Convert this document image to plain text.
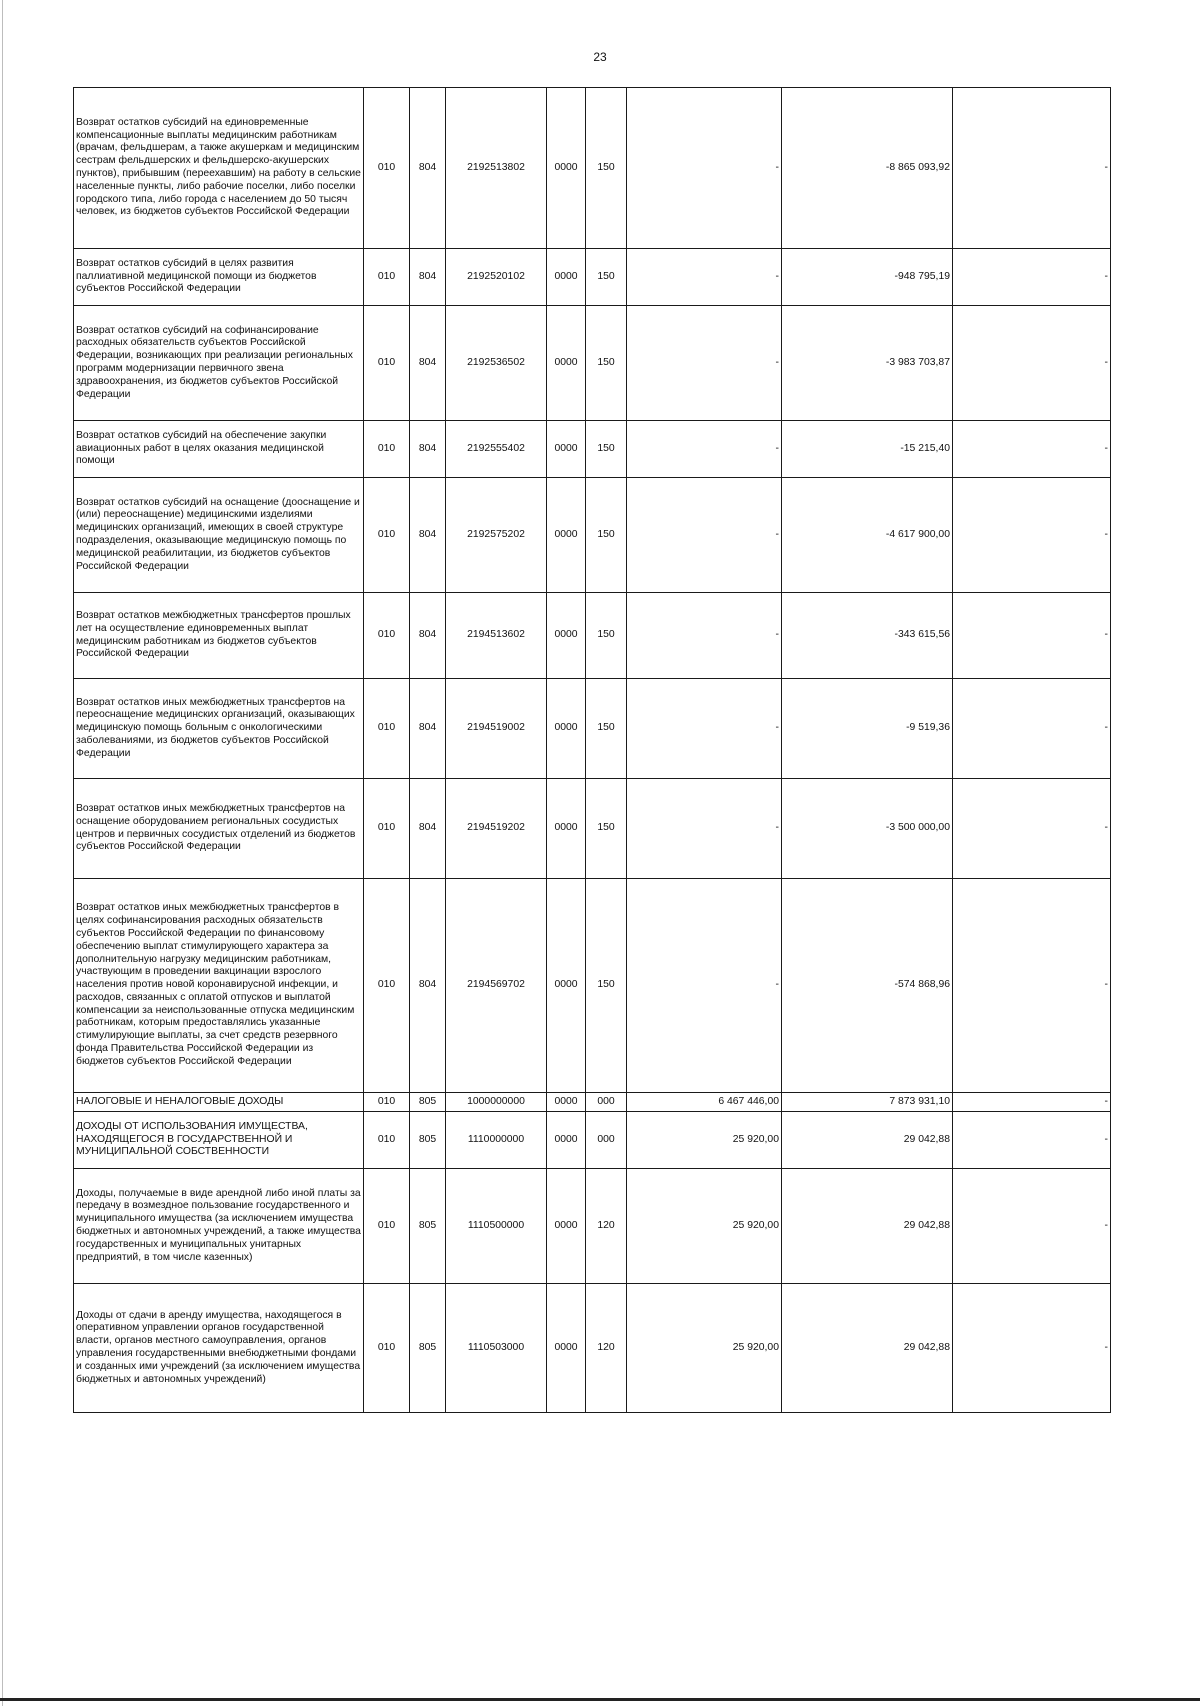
23
Возврат остатков субсидий на единовременные компенсационные выплаты медицинским работникам (врачам, фельдшерам, а также акушеркам и медицинским сестрам фельдшерских и фельдшерско-акушерских пунктов), прибывшим (переехавшим) на работу в сельские населенные пункты, либо рабочие поселки, либо поселки городского типа, либо города с населением до 50 тысяч человек, из бюджетов субъектов Российской Федерации	010	804	2192513802	0000	150	-	-8 865 093,92	-
Возврат остатков субсидий в целях развития паллиативной медицинской помощи из бюджетов субъектов Российской Федерации	010	804	2192520102	0000	150	-	-948 795,19	-
Возврат остатков субсидий на софинансирование расходных обязательств субъектов Российской Федерации, возникающих при реализации региональных программ модернизации первичного звена здравоохранения, из бюджетов субъектов Российской Федерации	010	804	2192536502	0000	150	-	-3 983 703,87	-
Возврат остатков субсидий на обеспечение закупки авиационных работ в целях оказания медицинской помощи	010	804	2192555402	0000	150	-	-15 215,40	-
Возврат остатков субсидий на оснащение (дооснащение и (или) переоснащение) медицинскими изделиями медицинских организаций, имеющих в своей структуре подразделения, оказывающие медицинскую помощь по медицинской реабилитации, из бюджетов субъектов Российской Федерации	010	804	2192575202	0000	150	-	-4 617 900,00	-
Возврат остатков межбюджетных трансфертов прошлых лет на осуществление единовременных выплат медицинским работникам из бюджетов субъектов Российской Федерации	010	804	2194513602	0000	150	-	-343 615,56	-
Возврат остатков иных межбюджетных трансфертов на переоснащение медицинских организаций, оказывающих медицинскую помощь больным с онкологическими заболеваниями, из бюджетов субъектов Российской Федерации	010	804	2194519002	0000	150	-	-9 519,36	-
Возврат остатков иных межбюджетных трансфертов на оснащение оборудованием региональных сосудистых центров и первичных сосудистых отделений из бюджетов субъектов Российской Федерации	010	804	2194519202	0000	150	-	-3 500 000,00	-
Возврат остатков иных межбюджетных трансфертов в целях софинансирования расходных обязательств субъектов Российской Федерации по финансовому обеспечению выплат стимулирующего характера за дополнительную нагрузку медицинским работникам, участвующим в проведении вакцинации взрослого населения против новой коронавирусной инфекции, и расходов, связанных с оплатой отпусков и выплатой компенсации за неиспользованные отпуска медицинским работникам, которым предоставлялись указанные стимулирующие выплаты, за счет средств резервного фонда Правительства Российской Федерации из бюджетов субъектов Российской Федерации	010	804	2194569702	0000	150	-	-574 868,96	-
НАЛОГОВЫЕ И НЕНАЛОГОВЫЕ ДОХОДЫ	010	805	1000000000	0000	000	6 467 446,00	7 873 931,10	-
ДОХОДЫ ОТ ИСПОЛЬЗОВАНИЯ ИМУЩЕСТВА, НАХОДЯЩЕГОСЯ В ГОСУДАРСТВЕННОЙ И МУНИЦИПАЛЬНОЙ СОБСТВЕННОСТИ	010	805	1110000000	0000	000	25 920,00	29 042,88	-
Доходы, получаемые в виде арендной либо иной платы за передачу в возмездное пользование государственного и муниципального имущества (за исключением имущества бюджетных и автономных учреждений, а также имущества государственных и муниципальных унитарных предприятий, в том числе казенных)	010	805	1110500000	0000	120	25 920,00	29 042,88	-
Доходы от сдачи в аренду имущества, находящегося в оперативном управлении органов государственной власти, органов местного самоуправления, органов управления государственными внебюджетными фондами и созданных ими учреждений (за исключением имущества бюджетных и автономных учреждений)	010	805	1110503000	0000	120	25 920,00	29 042,88	-
